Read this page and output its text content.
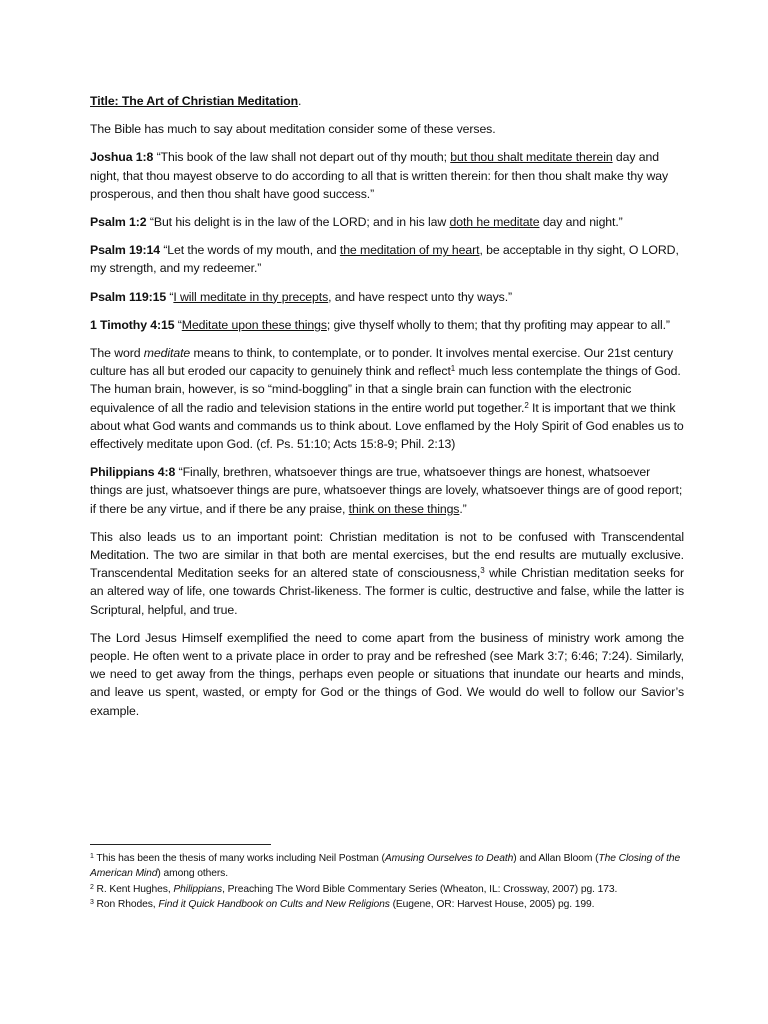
Title: The Art of Christian Meditation.

The Bible has much to say about meditation consider some of these verses.

Joshua 1:8 “This book of the law shall not depart out of thy mouth; but thou shalt meditate therein day and night, that thou mayest observe to do according to all that is written therein: for then thou shalt make thy way prosperous, and then thou shalt have good success.”

Psalm 1:2 “But his delight is in the law of the LORD; and in his law doth he meditate day and night.”

Psalm 19:14 “Let the words of my mouth, and the meditation of my heart, be acceptable in thy sight, O LORD, my strength, and my redeemer.”

Psalm 119:15 “I will meditate in thy precepts, and have respect unto thy ways.”

1 Timothy 4:15 “Meditate upon these things; give thyself wholly to them; that thy profiting may appear to all.”

The word meditate means to think, to contemplate, or to ponder. It involves mental exercise. Our 21st century culture has all but eroded our capacity to genuinely think and reflect$^1$ much less contemplate the things of God. The human brain, however, is so “mind-boggling” in that a single brain can function with the electronic equivalence of all the radio and television stations in the entire world put together.$^2$ It is important that we think about what God wants and commands us to think about. Love enflamed by the Holy Spirit of God enables us to effectively meditate upon God. (cf. Ps. 51:10; Acts 15:8-9; Phil. 2:13)

Philippians 4:8 “Finally, brethren, whatsoever things are true, whatsoever things are honest, whatsoever things are just, whatsoever things are pure, whatsoever things are lovely, whatsoever things are of good report; if there be any virtue, and if there be any praise, think on these things.”

This also leads us to an important point: Christian meditation is not to be confused with Transcendental Meditation. The two are similar in that both are mental exercises, but the end results are mutually exclusive. Transcendental Meditation seeks for an altered state of consciousness,$^3$ while Christian meditation seeks for an altered way of life, one towards Christ-likeness. The former is cultic, destructive and false, while the latter is Scriptural, helpful, and true.

The Lord Jesus Himself exemplified the need to come apart from the business of ministry work among the people. He often went to a private place in order to pray and be refreshed (see Mark 3:7; 6:46; 7:24). Similarly, we need to get away from the things, perhaps even people or situations that inundate our hearts and minds, and leave us spent, wasted, or empty for God or the things of God. We would do well to follow our Savior’s example.

$^1$ This has been the thesis of many works including Neil Postman (Amusing Ourselves to Death) and Allan Bloom (The Closing of the American Mind) among others.

$^2$ R. Kent Hughes, Philippians, Preaching The Word Bible Commentary Series (Wheaton, IL: Crossway, 2007) pg. 173.

$^3$ Ron Rhodes, Find it Quick Handbook on Cults and New Religions (Eugene, OR: Harvest House, 2005) pg. 199.
